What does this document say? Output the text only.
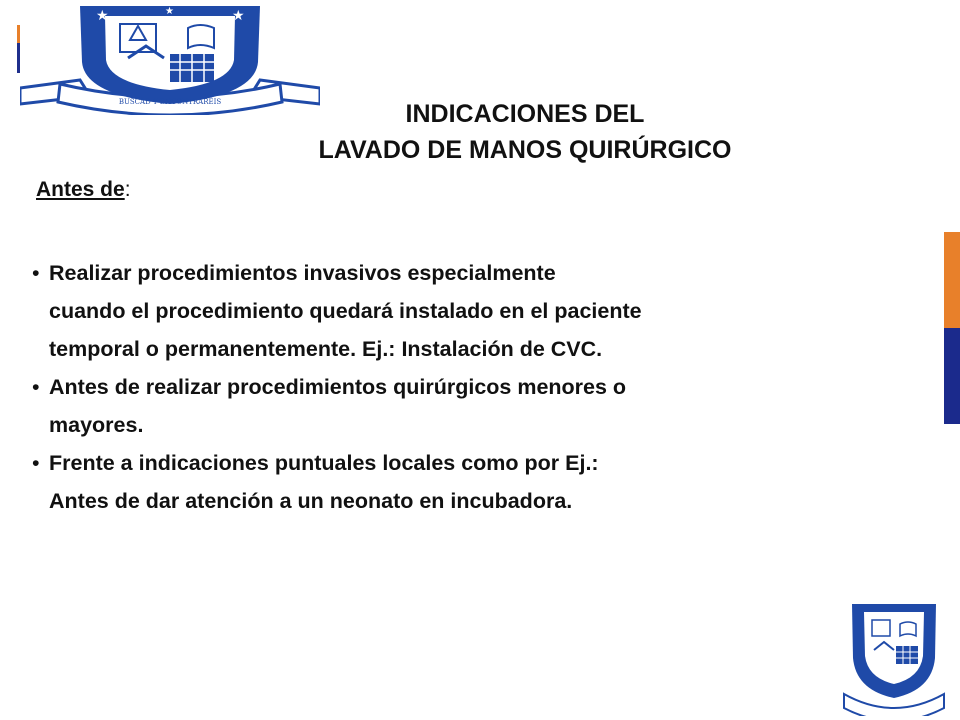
★	★
★
BUSCAD Y ENCONTRARÉIS	INDICACIONES DEL
LAVADO DE MANOS QUIRÚRGICO
Antes de:
• Realizar procedimientos invasivos especialmente
cuando el procedimiento quedará instalado en el paciente
temporal o permanentemente. Ej.: Instalación de CVC.
• Antes de realizar procedimientos quirúrgicos menores o
mayores.
• Frente a indicaciones puntuales locales como por Ej.:
Antes de dar atención a un neonato en incubadora.
